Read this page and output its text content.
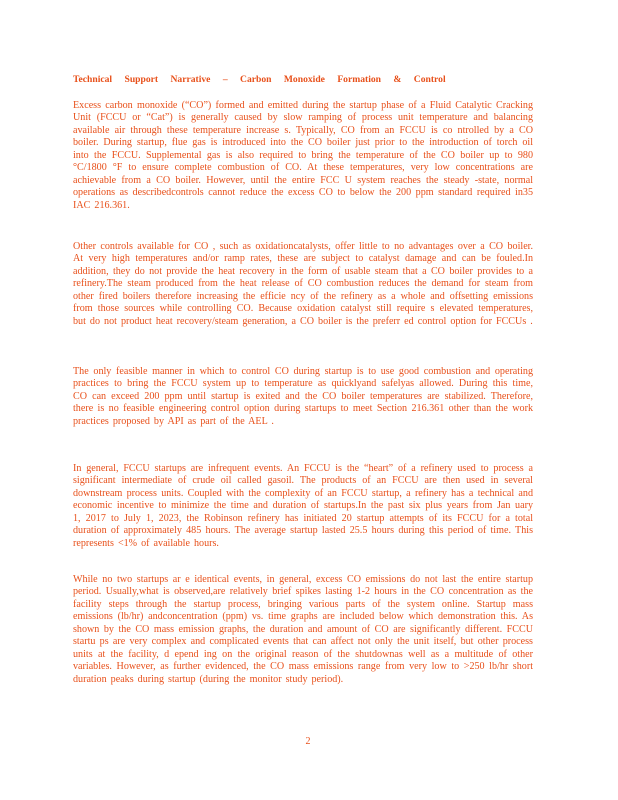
Technical Support Narrative – Carbon Monoxide Formation & Control

Excess carbon monoxide (“CO”) formed and emitted during the startup phase of a Fluid Catalytic Cracking Unit (FCCU or “Cat”) is generally caused by slow ramping of process unit temperature and balancing available air through these temperature increase s. Typically, CO from an FCCU is co ntrolled by a CO boiler. During startup, flue gas is introduced into the CO boiler just prior to the introduction of torch oil into the FCCU. Supplemental gas is also required to bring the temperature of the CO boiler up to 980 °C/1800 °F to ensure complete combustion of CO. At these temperatures, very low concentrations are achievable from a CO boiler. However, until the entire FCC U system reaches the steady -state, normal operations as describedcontrols cannot reduce the excess CO to below the 200 ppm standard required in35 IAC 216.361.

Other controls available for CO , such as oxidationcatalysts, offer little to no advantages over a CO boiler. At very high temperatures and/or ramp rates, these are subject to catalyst damage and can be fouled.In addition, they do not provide the heat recovery in the form of usable steam that a CO boiler provides to a refinery.The steam produced from the heat release of CO combustion reduces the demand for steam from other fired boilers therefore increasing the efficie ncy of the refinery as a whole and offsetting emissions from those sources while controlling CO. Because oxidation catalyst still require s elevated temperatures, but do not product heat recovery/steam generation, a CO boiler is the preferr ed control option for FCCUs .

The only feasible manner in which to control CO during startup is to use good combustion and operating practices to bring the FCCU system up to temperature as quicklyand safelyas allowed. During this time, CO can exceed 200 ppm until startup is exited and the CO boiler temperatures are stabilized. Therefore, there is no feasible engineering control option during startups to meet Section 216.361 other than the work practices proposed by API as part of the AEL .

In general, FCCU startups are infrequent events. An FCCU is the “heart” of a refinery used to process a significant intermediate of crude oil called gasoil. The products of an FCCU are then used in several downstream process units. Coupled with the complexity of an FCCU startup, a refinery has a technical and economic incentive to minimize the time and duration of startups.In the past six plus years from Jan uary 1, 2017 to July 1, 2023, the Robinson refinery has initiated 20 startup attempts of its FCCU for a total duration of approximately 485 hours. The average startup lasted 25.5 hours during this period of time. This represents <1% of available hours.

While no two startups ar e identical events, in general, excess CO emissions do not last the entire startup period. Usually,what is observed,are relatively brief spikes lasting 1-2 hours in the CO concentration as the facility steps through the startup process, bringing various parts of the system online. Startup mass emissions (lb/hr) andconcentration (ppm) vs. time graphs are included below which demonstration this. As shown by the CO mass emission graphs, the duration and amount of CO are significantly different. FCCU startu ps are very complex and complicated events that can affect not only the unit itself, but other process units at the facility, d epend ing on the original reason of the shutdownas well as a multitude of other variables. However, as further evidenced, the CO mass emissions range from very low to >250 lb/hr short duration peaks during startup (during the monitor study period).

2
